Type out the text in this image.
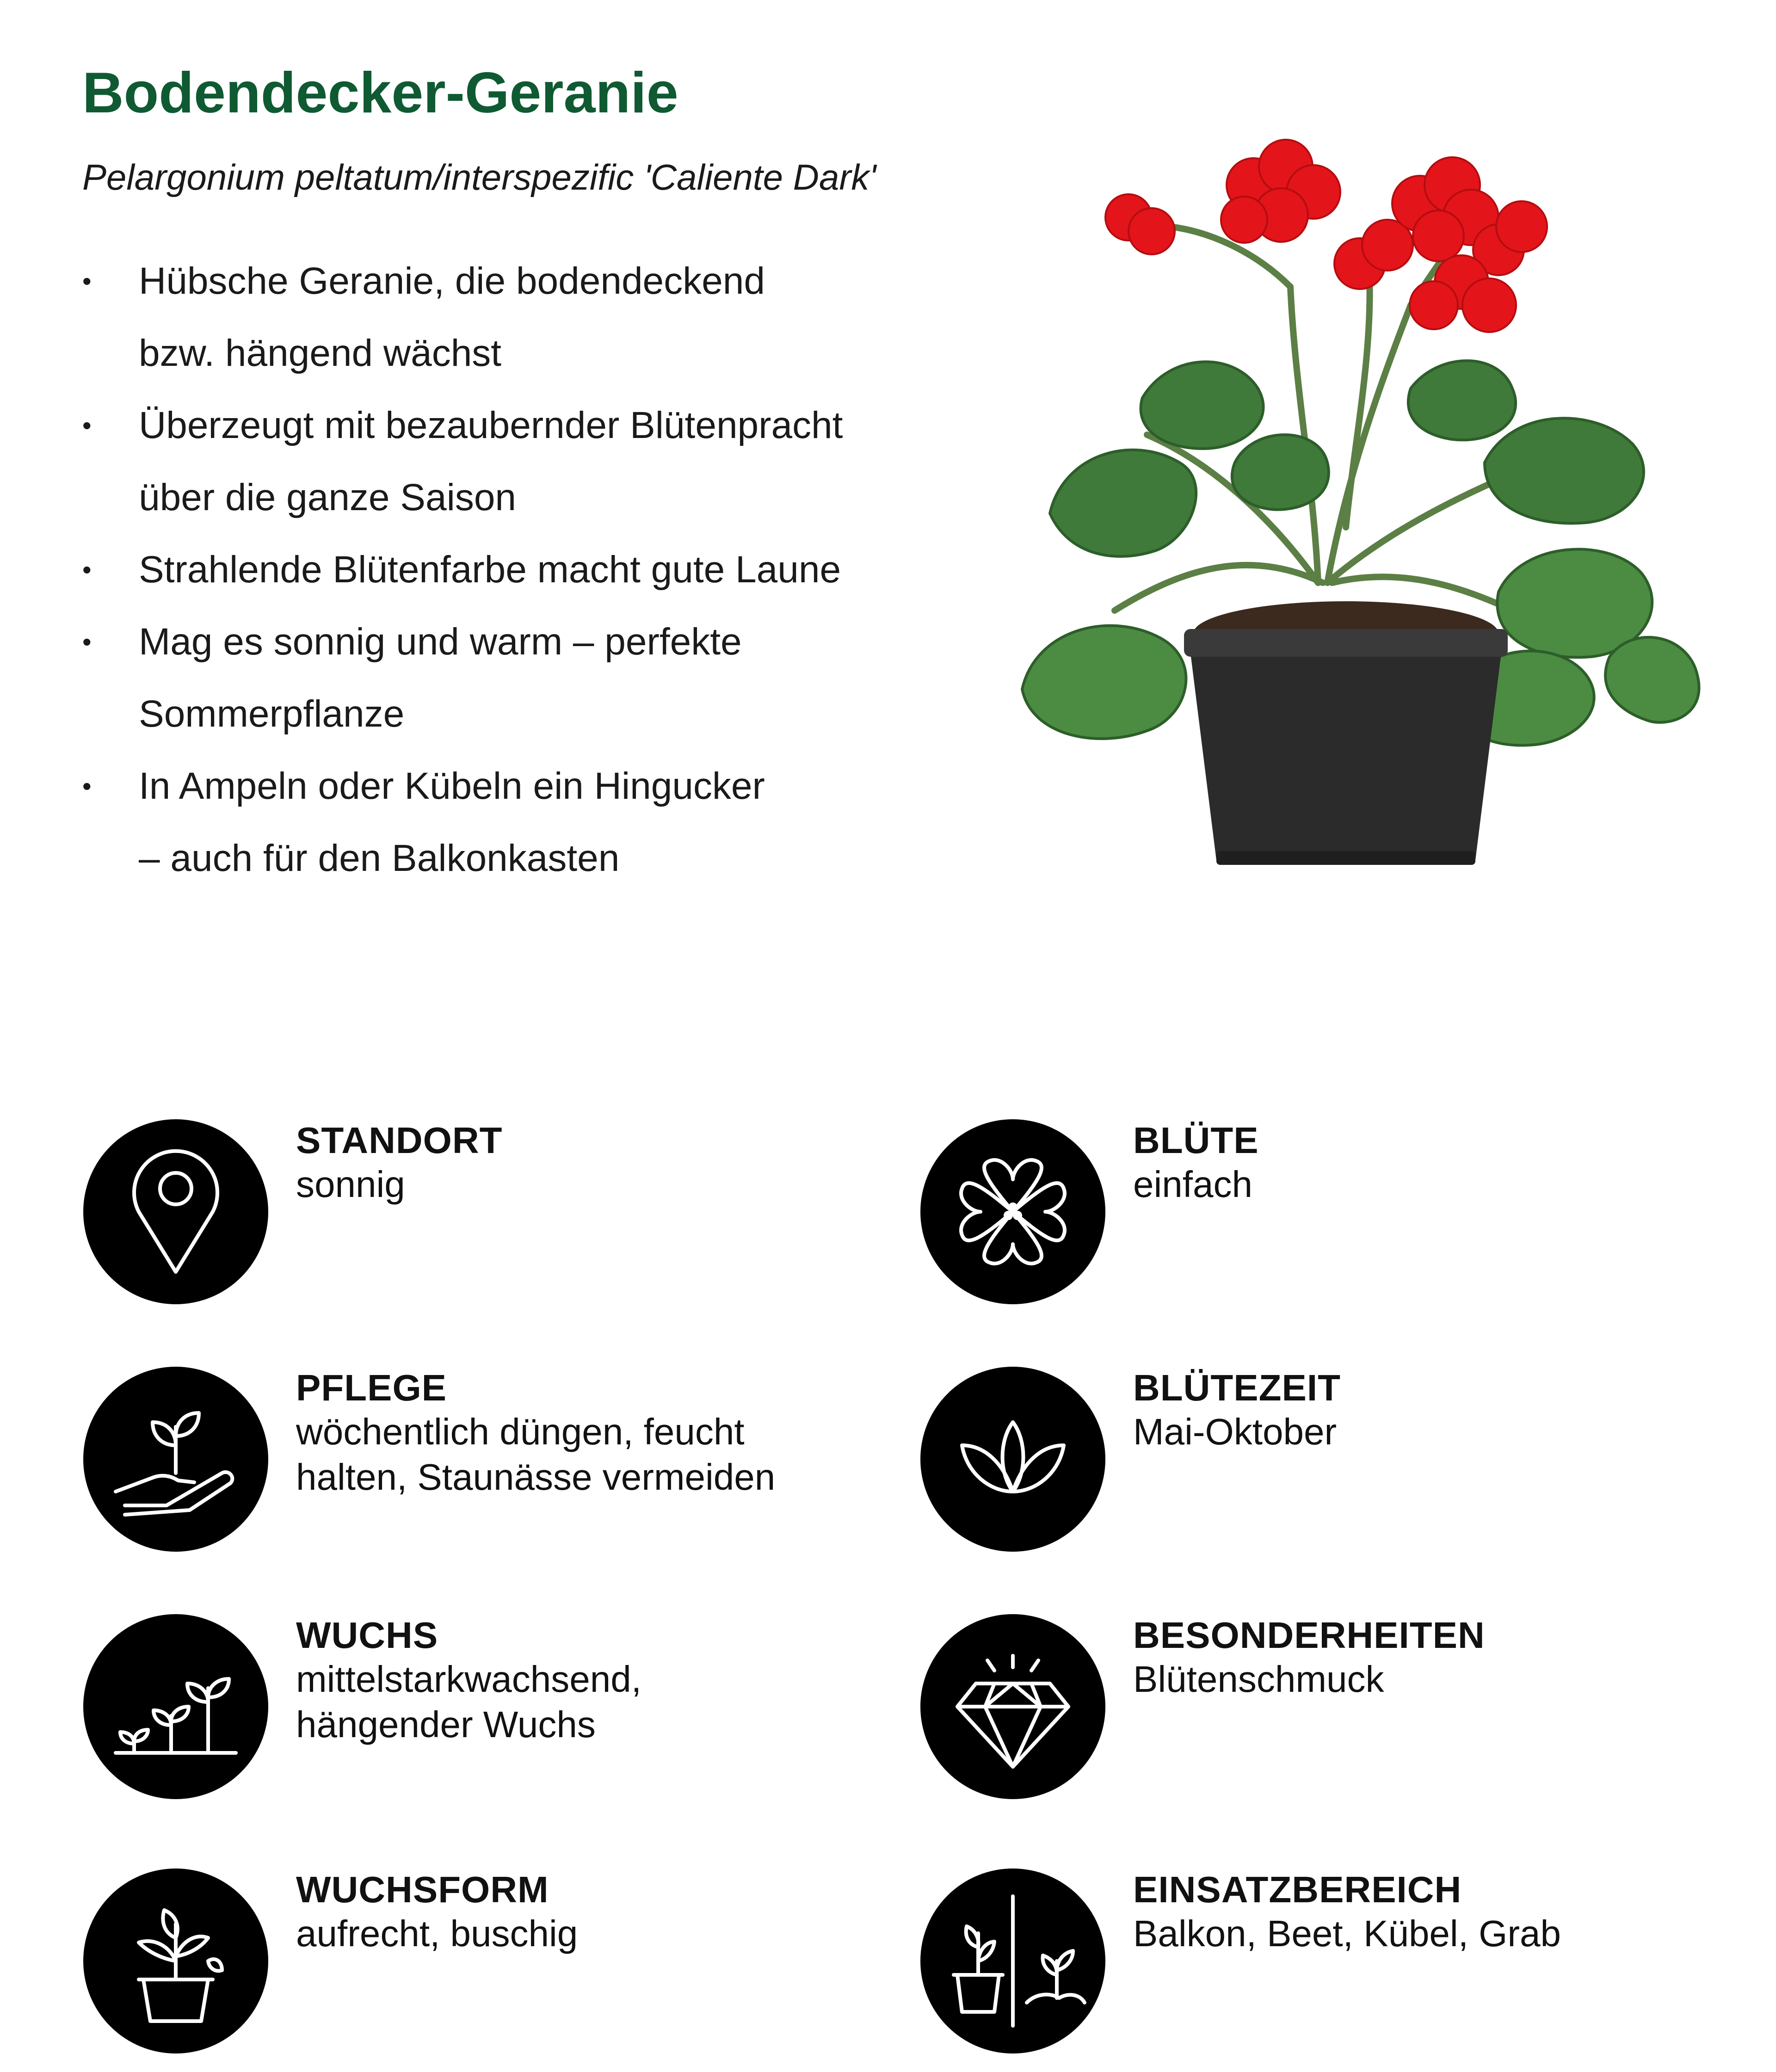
Bodendecker-Geranie

Pelargonium peltatum/interspezific 'Caliente Dark'

• Hübsche Geranie, die bodendeckend
bzw. hängend wächst
• Überzeugt mit bezaubernder Blütenpracht
über die ganze Saison
• Strahlende Blütenfarbe macht gute Laune
• Mag es sonnig und warm – perfekte
Sommerpflanze
• In Ampeln oder Kübeln ein Hingucker
– auch für den Balkonkasten
STANDORT
sonnig
BLÜTE
einfach
PFLEGE
wöchentlich düngen, feucht
halten, Staunässe vermeiden
BLÜTEZEIT
Mai-Oktober
WUCHS
mittelstarkwachsend,
hängender Wuchs
BESONDERHEITEN
Blütenschmuck
WUCHSFORM
aufrecht, buschig
EINSATZBEREICH
Balkon, Beet, Kübel, Grab
